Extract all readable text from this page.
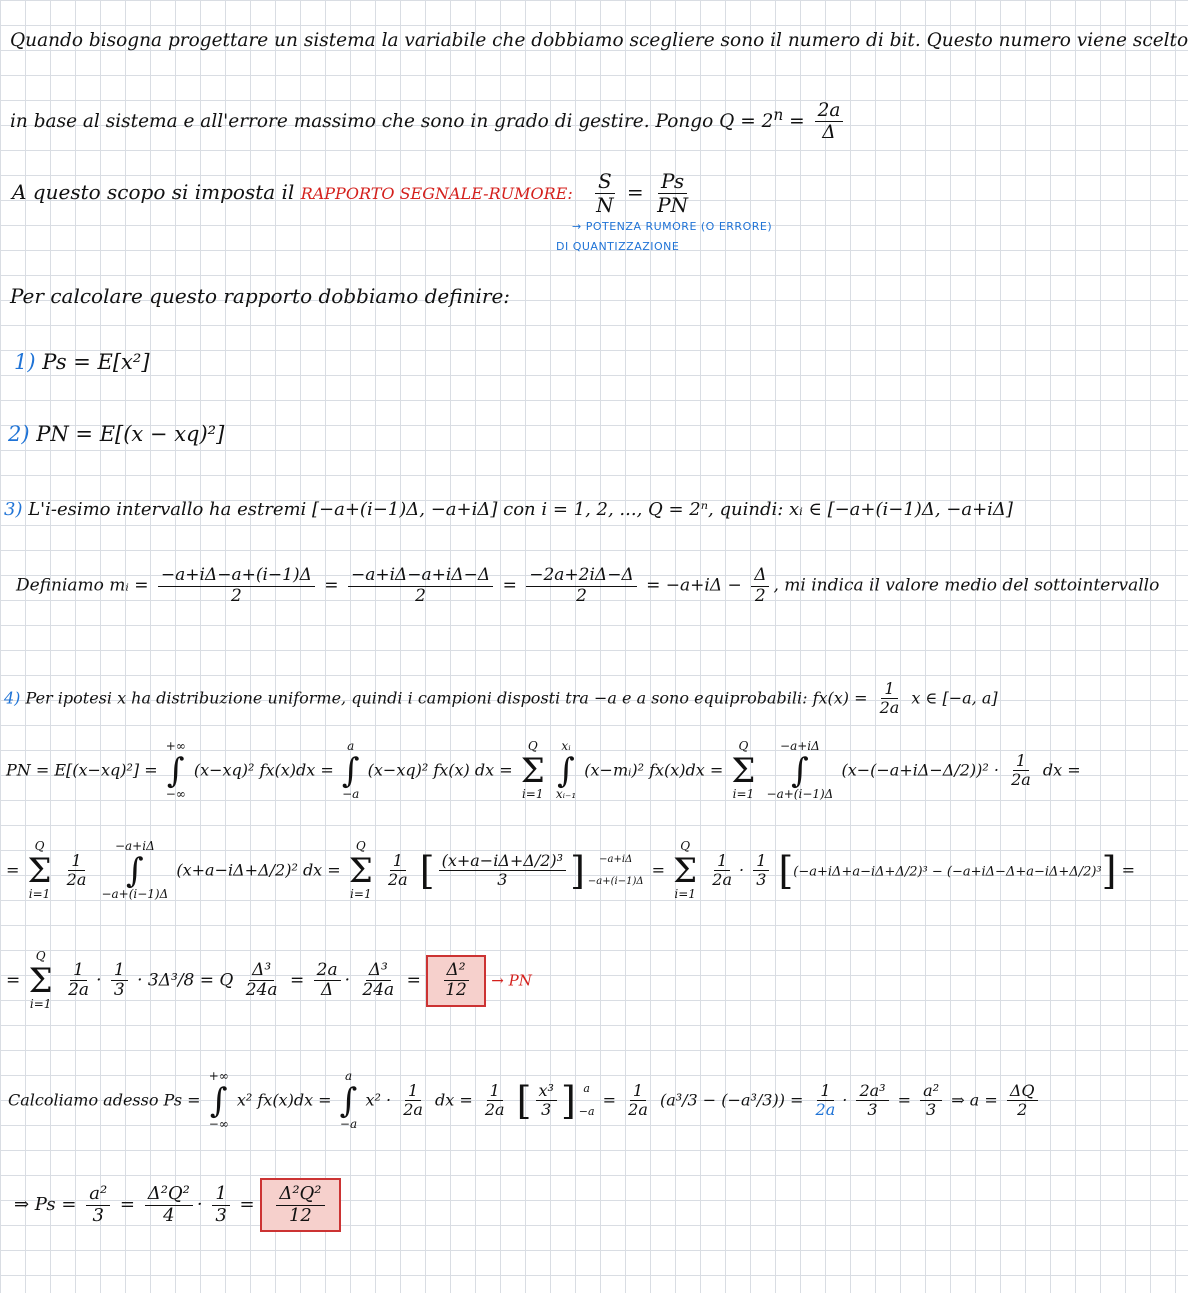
Quando bisogna progettare un sistema la variabile che dobbiamo scegliere sono il numero di bit. Questo numero viene scelto
in base al sistema e all'errore massimo che sono in grado di gestire. Pongo $Q = 2^n = \frac{2a}{\Delta}$
A questo scopo si imposta il RAPPORTO SEGNALE-RUMORE: $\frac{S}{N} = \frac{Ps}{PN}$
→ POTENZA RUMORE (O ERRORE)
DI QUANTIZZAZIONE
Per calcolare questo rapporto dobbiamo definire:
1) Ps = E[x²]
2) PN = E[(x − xq)²]
3) L'i-esimo intervallo ha estremi [−a+(i−1)Δ, −a+iΔ] con i = 1, 2, ..., Q = 2ⁿ, quindi: xᵢ ∈ [−a+(i−1)Δ, −a+iΔ]
Definiamo mᵢ = $\frac{-a+i\Delta-a+(i-1)\Delta}{2} = \frac{-a+i\Delta-a+i\Delta-\Delta}{2} = \frac{-2a+2i\Delta-\Delta}{2} = -a+i\Delta - \frac{\Delta}{2}$ , mi indica il valore medio del sottointervallo
4) Per ipotesi x ha distribuzione uniforme, quindi i campioni disposti tra −a e a sono equiprobabili: $fx(x) = \frac{1}{2a}$ x ∈ [−a, a]
PN = E[(x−xq)²] =
+∞
∫
−∞
(x−xq)² fx(x)dx =
a
∫
−a
(x−xq)² fx(x) dx =
Q
Σ
i=1

xᵢ
∫
xᵢ₋₁
(x−mᵢ)² fx(x)dx =
Q
Σ
i=1

−a+iΔ
∫
−a+(i−1)Δ
$(x-(-a+i\Delta-\Delta/2))^2 \cdot \frac{1}{2a}$ dx =
=
Q
Σ
i=1

$\frac{1}{2a}$

−a+iΔ
∫
−a+(i−1)Δ
(x+a−iΔ+Δ/2)² dx =
Q
Σ
i=1

$\frac{1}{2a}$ [ $\frac{\text{(x+a−iΔ+Δ/2)³}}{3}$ ] −a+iΔ

−a+(i−1)Δ
=
Q
Σ
i=1

$\frac{1}{2a} \cdot \frac{1}{3} [(-a+i\Delta+a-i\Delta+\Delta/2)^3 - (-a+i\Delta-\Delta+a-i\Delta+\Delta/2)^3]$ =
=
Q
Σ
i=1

$\frac{1}{2a} \cdot \frac{1}{3} \cdot 3\Delta^3/8 = Q \frac{\text{Δ³}}{24a} = \frac{2a}{\Delta} \cdot \frac{\text{Δ³}}{24a} = \frac{\text{Δ²}}{12}$ → PN
Calcoliamo adesso Ps =
+∞
∫
−∞
x² fx(x)dx =
a
∫
−a
$x^2 \cdot \frac{1}{2a}$ dx = $\frac{1}{2a}$ [ $\frac{\text{x³}}{3}$ ] a

−a
= $\frac{1}{2a} (a^3/3 - (-a^3/3)) = \frac{1}{2a} \cdot \frac{\text{2a³}}{3} = \frac{\text{a²}}{3}$ ⇒ $a = \frac{\Delta Q}{2}$
⇒ $Ps = \frac{\text{a²}}{3} = \frac{\text{Δ²Q²}}{4} \cdot \frac{1}{3} = \frac{\text{Δ²Q²}}{12}$
